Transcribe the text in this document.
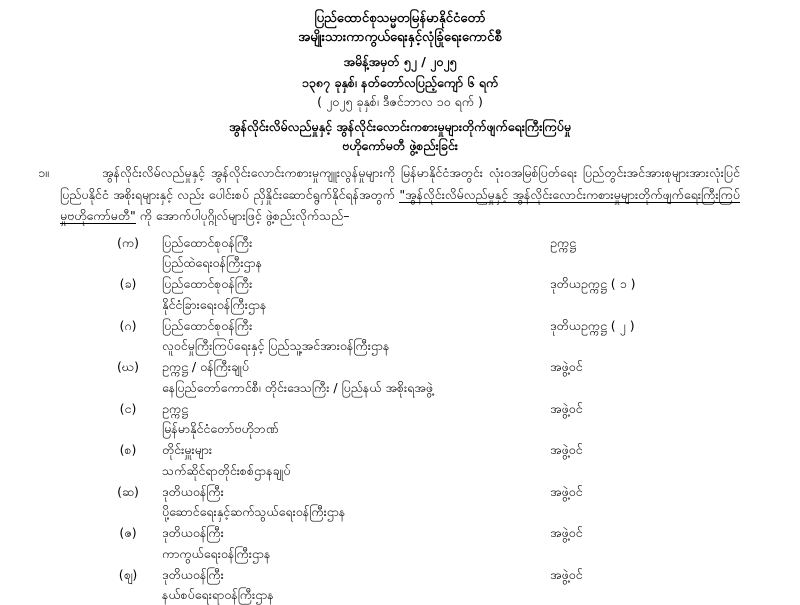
ပြည်ထောင်စုသမ္မတမြန်မာနိုင်ငံတော်
အမျိုးသားကာကွယ်ရေးနှင့်လုံခြုံရေးကောင်စီ
အမိန့်အမှတ် ၅၂ / ၂၀၂၅
၁၃၈၇ ခုနှစ်၊ နတ်တော်လပြည့်ကျော် ၆ ရက်
( ၂၀၂၅ ခုနှစ်၊ ဒီဇင်ဘာလ ၁၀ ရက် )
အွန်လိုင်းလိမ်လည်မှုနှင့် အွန်လိုင်းလောင်းကစားမှုများတိုက်ဖျက်ရေးကြီးကြပ်မှု
ဗဟိုကော်မတီ ဖွဲ့စည်းခြင်း
၁။	အွန်လိုင်းလိမ်လည်မှုနှင့် အွန်လိုင်းလောင်းကစားမှုကျူးလွန်မှုများကို မြန်မာနိုင်ငံအတွင်း လုံးဝအမြစ်ပြတ်ရေး ပြည်တွင်းအင်အားစုများအားလုံးပြင် ပြည်ပနိုင်ငံ အစိုးရများနှင့် လည်း ပေါင်းစပ် ညှိနှိုင်းဆောင်ရွက်နိုင်ရန်အတွက် "အွန်လိုင်းလိမ်လည်မှုနှင့် အွန်လိုင်းလောင်းကစားမှုများတိုက်ဖျက်ရေးကြီးကြပ်မှုဗဟိုကော်မတီ" ကို အောက်ပါပုဂ္ဂိုလ်များဖြင့် ဖွဲ့စည်းလိုက်သည်–
(က)	ပြည်ထောင်စုဝန်ကြီး
ပြည်ထဲရေးဝန်ကြီးဌာန
ဥက္ကဋ္ဌ
(ခ)	ပြည်ထောင်စုဝန်ကြီး
နိုင်ငံခြားရေးဝန်ကြီးဌာန
ဒုတိယဥက္ကဋ္ဌ ( ၁ )
(ဂ)	ပြည်ထောင်စုဝန်ကြီး
လူဝင်မှုကြီးကြပ်ရေးနှင့် ပြည်သူ့အင်အားဝန်ကြီးဌာန
ဒုတိယဥက္ကဋ္ဌ ( ၂ )
(ဃ)	ဥက္ကဋ္ဌ / ဝန်ကြီးချုပ်
နေပြည်တော်ကောင်စီ၊ တိုင်းဒေသကြီး / ပြည်နယ် အစိုးရအဖွဲ့
အဖွဲ့ဝင်
(င)	ဥက္ကဋ္ဌ
မြန်မာနိုင်ငံတော်ဗဟိုဘဏ်
အဖွဲ့ဝင်
(စ)	တိုင်းမှူးများ
သက်ဆိုင်ရာတိုင်းစစ်ဌာနချုပ်
အဖွဲ့ဝင်
(ဆ)	ဒုတိယဝန်ကြီး
ပို့ဆောင်ရေးနှင့်ဆက်သွယ်ရေးဝန်ကြီးဌာန
အဖွဲ့ဝင်
(ဇ)	ဒုတိယဝန်ကြီး
ကာကွယ်ရေးဝန်ကြီးဌာန
အဖွဲ့ဝင်
(ဈ)	ဒုတိယဝန်ကြီး
နယ်စပ်ရေးရာဝန်ကြီးဌာန
အဖွဲ့ဝင်
